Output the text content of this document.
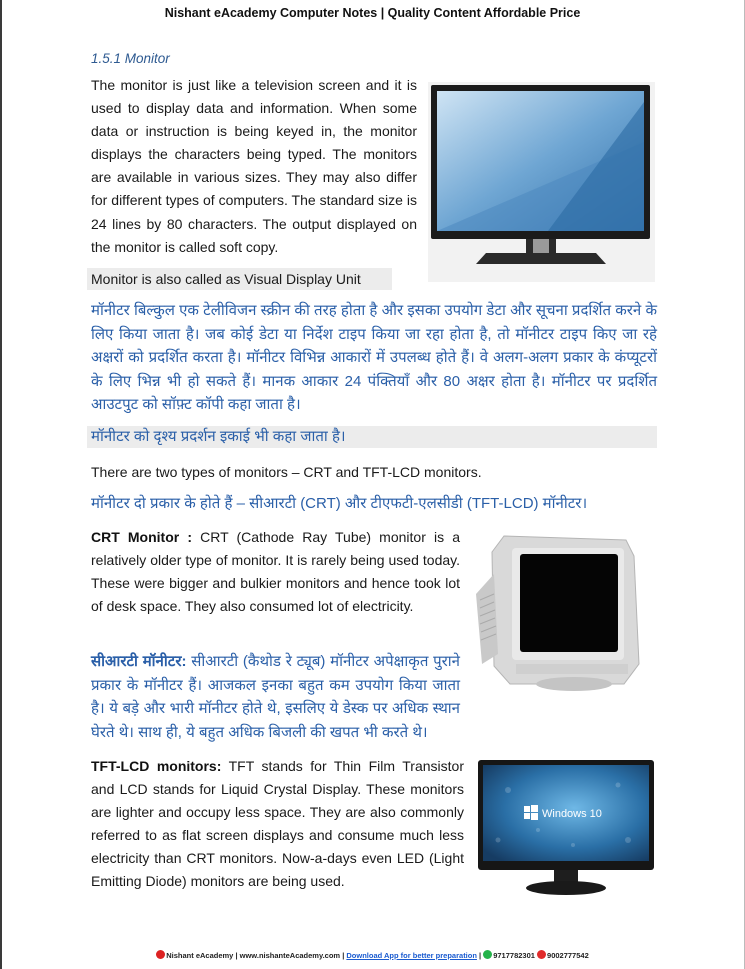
Nishant eAcademy Computer Notes | Quality Content Affordable Price
1.5.1 Monitor
The monitor is just like a television screen and it is used to display data and information. When some data or instruction is being keyed in, the monitor displays the characters being typed. The monitors are available in various sizes. They may also differ for different types of computers. The standard size is 24 lines by 80 characters. The output displayed on the monitor is called soft copy.
Monitor is also called as Visual Display Unit
मॉनीटर बिल्कुल एक टेलीविजन स्क्रीन की तरह होता है और इसका उपयोग डेटा और सूचना प्रदर्शित करने के लिए किया जाता है। जब कोई डेटा या निर्देश टाइप किया जा रहा होता है, तो मॉनीटर टाइप किए जा रहे अक्षरों को प्रदर्शित करता है। मॉनीटर विभिन्न आकारों में उपलब्ध होते हैं। वे अलग-अलग प्रकार के कंप्यूटरों के लिए भिन्न भी हो सकते हैं। मानक आकार 24 पंक्तियाँ और 80 अक्षर होता है। मॉनीटर पर प्रदर्शित आउटपुट को सॉफ़्ट कॉपी कहा जाता है।
मॉनीटर को दृश्य प्रदर्शन इकाई भी कहा जाता है।
There are two types of monitors – CRT and TFT-LCD monitors.
मॉनीटर दो प्रकार के होते हैं – सीआरटी (CRT) और टीएफटी-एलसीडी (TFT-LCD) मॉनीटर।
CRT Monitor : CRT (Cathode Ray Tube) monitor is a relatively older type of monitor. It is rarely being used today. These were bigger and bulkier monitors and hence took lot of desk space. They also consumed lot of electricity.
सीआरटी मॉनीटर: सीआरटी (कैथोड रे ट्यूब) मॉनीटर अपेक्षाकृत पुराने प्रकार के मॉनीटर हैं। आजकल इनका बहुत कम उपयोग किया जाता है। ये बड़े और भारी मॉनीटर होते थे, इसलिए ये डेस्क पर अधिक स्थान घेरते थे। साथ ही, ये बहुत अधिक बिजली की खपत भी करते थे।
TFT-LCD monitors: TFT stands for Thin Film Transistor and LCD stands for Liquid Crystal Display. These monitors are lighter and occupy less space. They are also commonly referred to as flat screen displays and consume much less electricity than CRT monitors. Now-a-days even LED (Light Emitting Diode) monitors are being used.
Windows 10
Nishant eAcademy | www.nishanteAcademy.com | Download App for better preparation | 9717782301 9002777542
